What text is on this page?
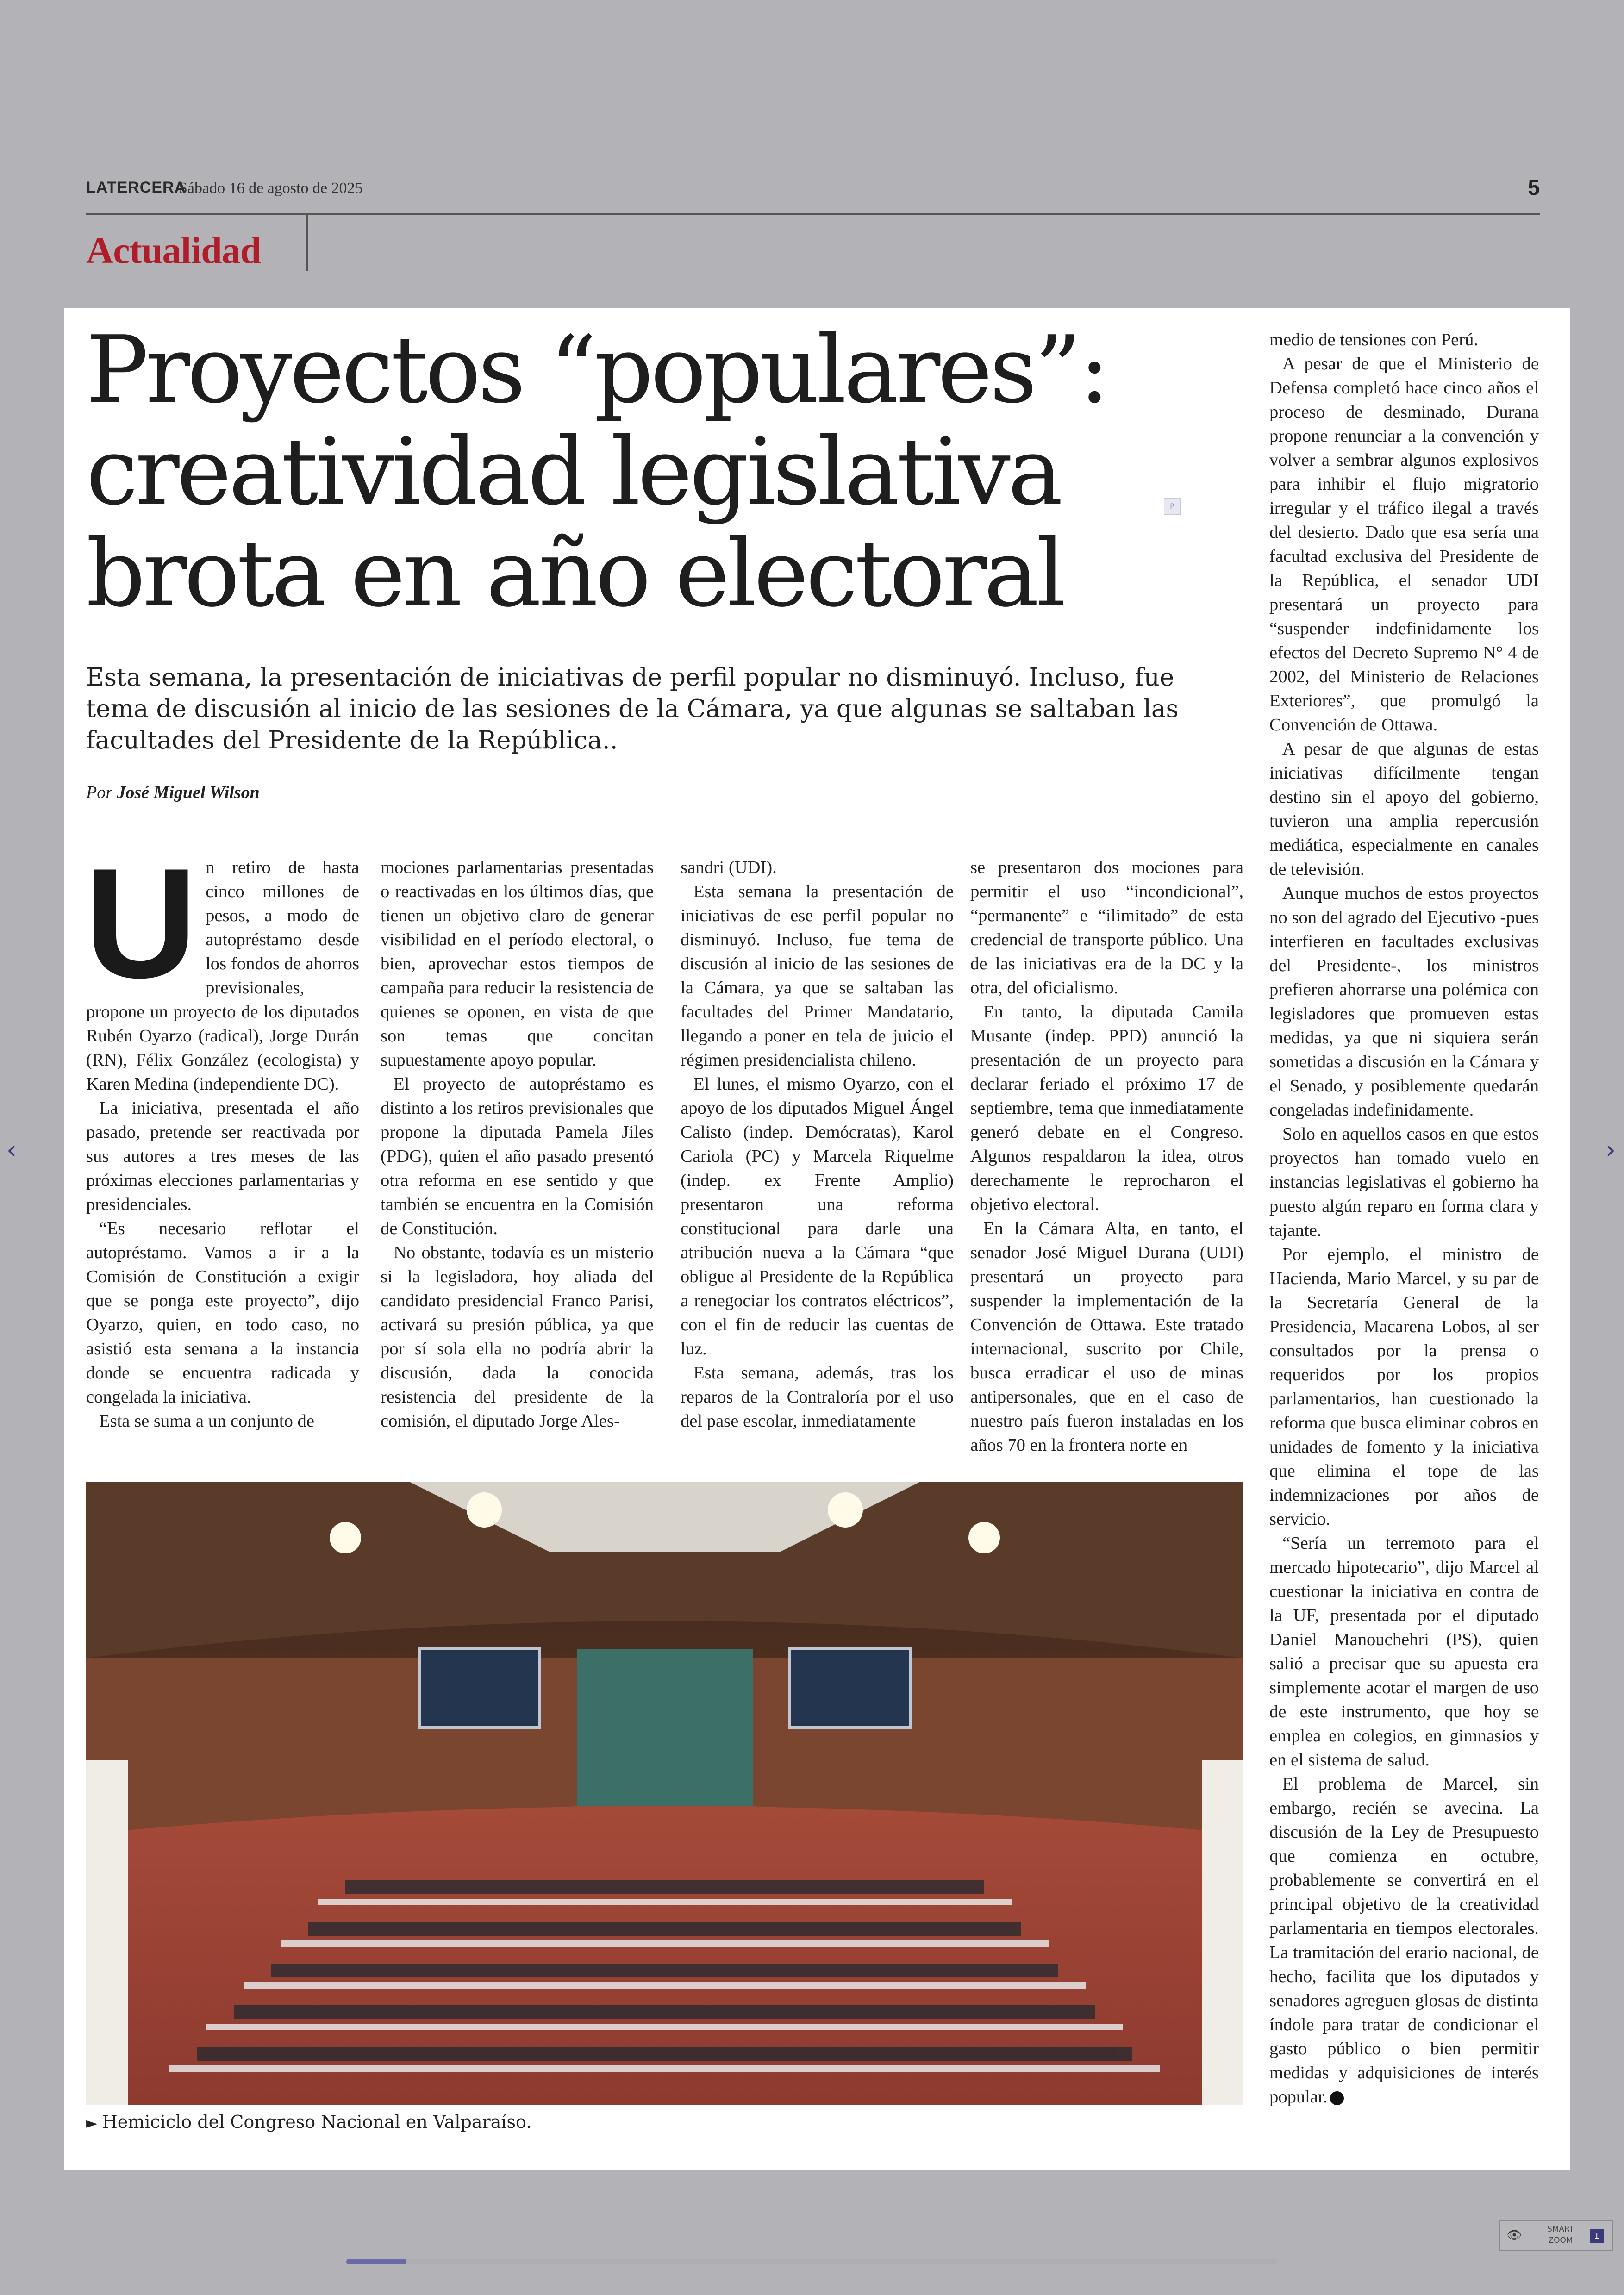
LATERCERA
Sábado 16 de agosto de 2025	5
Actualidad
Proyectos “populares”:
creatividad legislativa
brota en año electoral

Esta semana, la presentación de iniciativas de perfil popular no disminuyó. Incluso, fue tema de discusión al inicio de las sesiones de la Cámara, ya que algunas se saltaban las facultades del Presidente de la República..

Por José Miguel Wilson
P
U n retiro de hasta cinco millones de pesos, a modo de autopréstamo desde los fondos de ahorros previsionales, propone un proyecto de los diputados Rubén Oyarzo (radical), Jorge Durán (RN), Félix González (ecologista) y Karen Medina (independiente DC).

La iniciativa, presentada el año pasado, pretende ser reactivada por sus autores a tres meses de las próximas elecciones parlamentarias y presidenciales.

“Es necesario reflotar el autopréstamo. Vamos a ir a la Comisión de Constitución a exigir que se ponga este proyecto”, dijo Oyarzo, quien, en todo caso, no asistió esta semana a la instancia donde se encuentra radicada y congelada la iniciativa.

Esta se suma a un conjunto de

mociones parlamentarias presentadas o reactivadas en los últimos días, que tienen un objetivo claro de generar visibilidad en el período electoral, o bien, aprovechar estos tiempos de campaña para reducir la resistencia de quienes se oponen, en vista de que son temas que concitan supuestamente apoyo popular.

El proyecto de autopréstamo es distinto a los retiros previsionales que propone la diputada Pamela Jiles (PDG), quien el año pasado presentó otra reforma en ese sentido y que también se encuentra en la Comisión de Constitución.

No obstante, todavía es un misterio si la legisladora, hoy aliada del candidato presidencial Franco Parisi, activará su presión pública, ya que por sí sola ella no podría abrir la discusión, dada la conocida resistencia del presidente de la comisión, el diputado Jorge Ales-

sandri (UDI).

Esta semana la presentación de iniciativas de ese perfil popular no disminuyó. Incluso, fue tema de discusión al inicio de las sesiones de la Cámara, ya que se saltaban las facultades del Primer Mandatario, llegando a poner en tela de juicio el régimen presidencialista chileno.

El lunes, el mismo Oyarzo, con el apoyo de los diputados Miguel Ángel Calisto (indep. Demócratas), Karol Cariola (PC) y Marcela Riquelme (indep. ex Frente Amplio) presentaron una reforma constitucional para darle una atribución nueva a la Cámara “que obligue al Presidente de la República a renegociar los contratos eléctricos”, con el fin de reducir las cuentas de luz.

Esta semana, además, tras los reparos de la Contraloría por el uso del pase escolar, inmediatamente

se presentaron dos mociones para permitir el uso “incondicional”, “permanente” e “ilimitado” de esta credencial de transporte público. Una de las iniciativas era de la DC y la otra, del oficialismo.

En tanto, la diputada Camila Musante (indep. PPD) anunció la presentación de un proyecto para declarar feriado el próximo 17 de septiembre, tema que inmediatamente generó debate en el Congreso. Algunos respaldaron la idea, otros derechamente le reprocharon el objetivo electoral.

En la Cámara Alta, en tanto, el senador José Miguel Durana (UDI) presentará un proyecto para suspender la implementación de la Convención de Ottawa. Este tratado internacional, suscrito por Chile, busca erradicar el uso de minas antipersonales, que en el caso de nuestro país fueron instaladas en los años 70 en la frontera norte en

medio de tensiones con Perú.

A pesar de que el Ministerio de Defensa completó hace cinco años el proceso de desminado, Durana propone renunciar a la convención y volver a sembrar algunos explosivos para inhibir el flujo migratorio irregular y el tráfico ilegal a través del desierto. Dado que esa sería una facultad exclusiva del Presidente de la República, el senador UDI presentará un proyecto para “suspender indefinidamente los efectos del Decreto Supremo N° 4 de 2002, del Ministerio de Relaciones Exteriores”, que promulgó la Convención de Ottawa.

A pesar de que algunas de estas iniciativas difícilmente tengan destino sin el apoyo del gobierno, tuvieron una amplia repercusión mediática, especialmente en canales de televisión.

Aunque muchos de estos proyectos no son del agrado del Ejecutivo -pues interfieren en facultades exclusivas del Presidente-, los ministros prefieren ahorrarse una polémica con legisladores que promueven estas medidas, ya que ni siquiera serán sometidas a discusión en la Cámara y el Senado, y posiblemente quedarán congeladas indefinidamente.

Solo en aquellos casos en que estos proyectos han tomado vuelo en instancias legislativas el gobierno ha puesto algún reparo en forma clara y tajante.

Por ejemplo, el ministro de Hacienda, Mario Marcel, y su par de la Secretaría General de la Presidencia, Macarena Lobos, al ser consultados por la prensa o requeridos por los propios parlamentarios, han cuestionado la reforma que busca eliminar cobros en unidades de fomento y la iniciativa que elimina el tope de las indemnizaciones por años de servicio.

“Sería un terremoto para el mercado hipotecario”, dijo Marcel al cuestionar la iniciativa en contra de la UF, presentada por el diputado Daniel Manouchehri (PS), quien salió a precisar que su apuesta era simplemente acotar el margen de uso de este instrumento, que hoy se emplea en colegios, en gimnasios y en el sistema de salud.

El problema de Marcel, sin embargo, recién se avecina. La discusión de la Ley de Presupuesto que comienza en octubre, probablemente se convertirá en el principal objetivo de la creatividad parlamentaria en tiempos electorales. La tramitación del erario nacional, de hecho, facilita que los diputados y senadores agreguen glosas de distinta índole para tratar de condicionar el gasto público o bien permitir medidas y adquisiciones de interés popular.

► Hemiciclo del Congreso Nacional en Valparaíso.
‹	›
👁	SMART
ZOOM	1
